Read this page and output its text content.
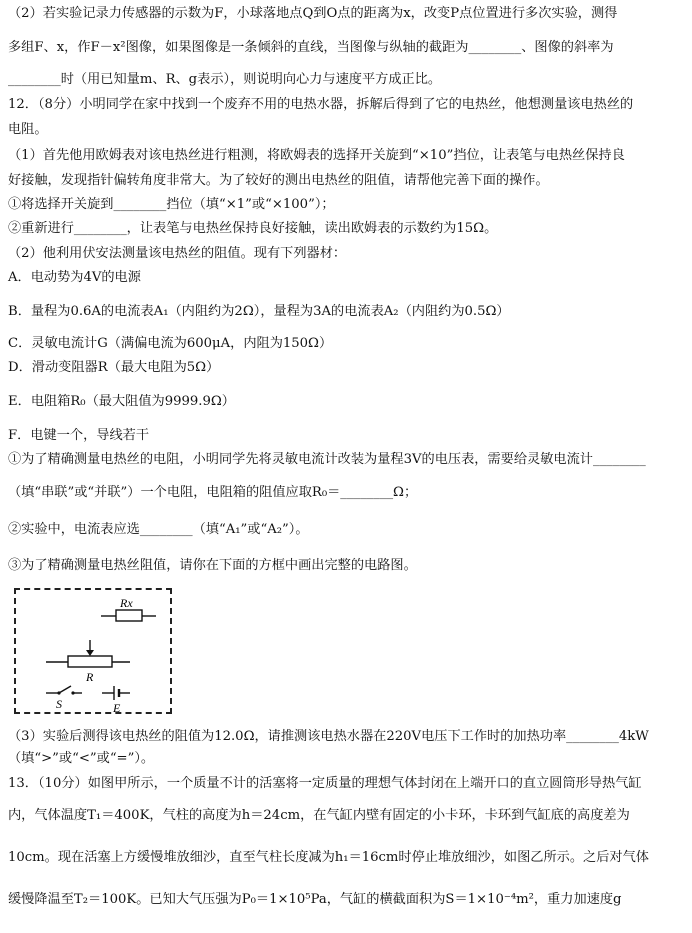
（2）若实验记录力传感器的示数为F，小球落地点Q到O点的距离为x，改变P点位置进行多次实验，测得
多组F、x，作F－x²图像，如果图像是一条倾斜的直线，当图像与纵轴的截距为________、图像的斜率为
________时（用已知量m、R、g表示），则说明向心力与速度平方成正比。
12．（8分）小明同学在家中找到一个废弃不用的电热水器，拆解后得到了它的电热丝，他想测量该电热丝的
电阻。
（1）首先他用欧姆表对该电热丝进行粗测，将欧姆表的选择开关旋到“×10”挡位，让表笔与电热丝保持良
好接触，发现指针偏转角度非常大。为了较好的测出电热丝的阻值，请帮他完善下面的操作。
①将选择开关旋到________挡位（填“×1”或“×100”）；
②重新进行________，让表笔与电热丝保持良好接触，读出欧姆表的示数约为15Ω。
（2）他利用伏安法测量该电热丝的阻值。现有下列器材：
A．电动势为4V的电源
B．量程为0.6A的电流表A₁（内阻约为2Ω），量程为3A的电流表A₂（内阻约为0.5Ω）
C．灵敏电流计G（满偏电流为600μA，内阻为150Ω）
D．滑动变阻器R（最大电阻为5Ω）
E．电阻箱R₀（最大阻值为9999.9Ω）
F．电键一个，导线若干
①为了精确测量电热丝的电阻，小明同学先将灵敏电流计改装为量程3V的电压表，需要给灵敏电流计________
（填“串联”或“并联”）一个电阻，电阻箱的阻值应取R₀＝________Ω；
②实验中，电流表应选________（填“A₁”或“A₂”）。
③为了精确测量电热丝阻值，请你在下面的方框中画出完整的电路图。
（3）实验后测得该电热丝的阻值为12.0Ω，请推测该电热水器在220V电压下工作时的加热功率________4kW
（填“>”或“<”或“=”）。
13．（10分）如图甲所示，一个质量不计的活塞将一定质量的理想气体封闭在上端开口的直立圆筒形导热气缸
内，气体温度T₁＝400K，气柱的高度为h＝24cm，在气缸内壁有固定的小卡环，卡环到气缸底的高度差为
10cm。现在活塞上方缓慢堆放细沙，直至气柱长度减为h₁＝16cm时停止堆放细沙，如图乙所示。之后对气体
缓慢降温至T₂＝100K。已知大气压强为P₀＝1×10⁵Pa，气缸的横截面积为S＝1×10⁻⁴m²，重力加速度g
Rx
R
S	E
